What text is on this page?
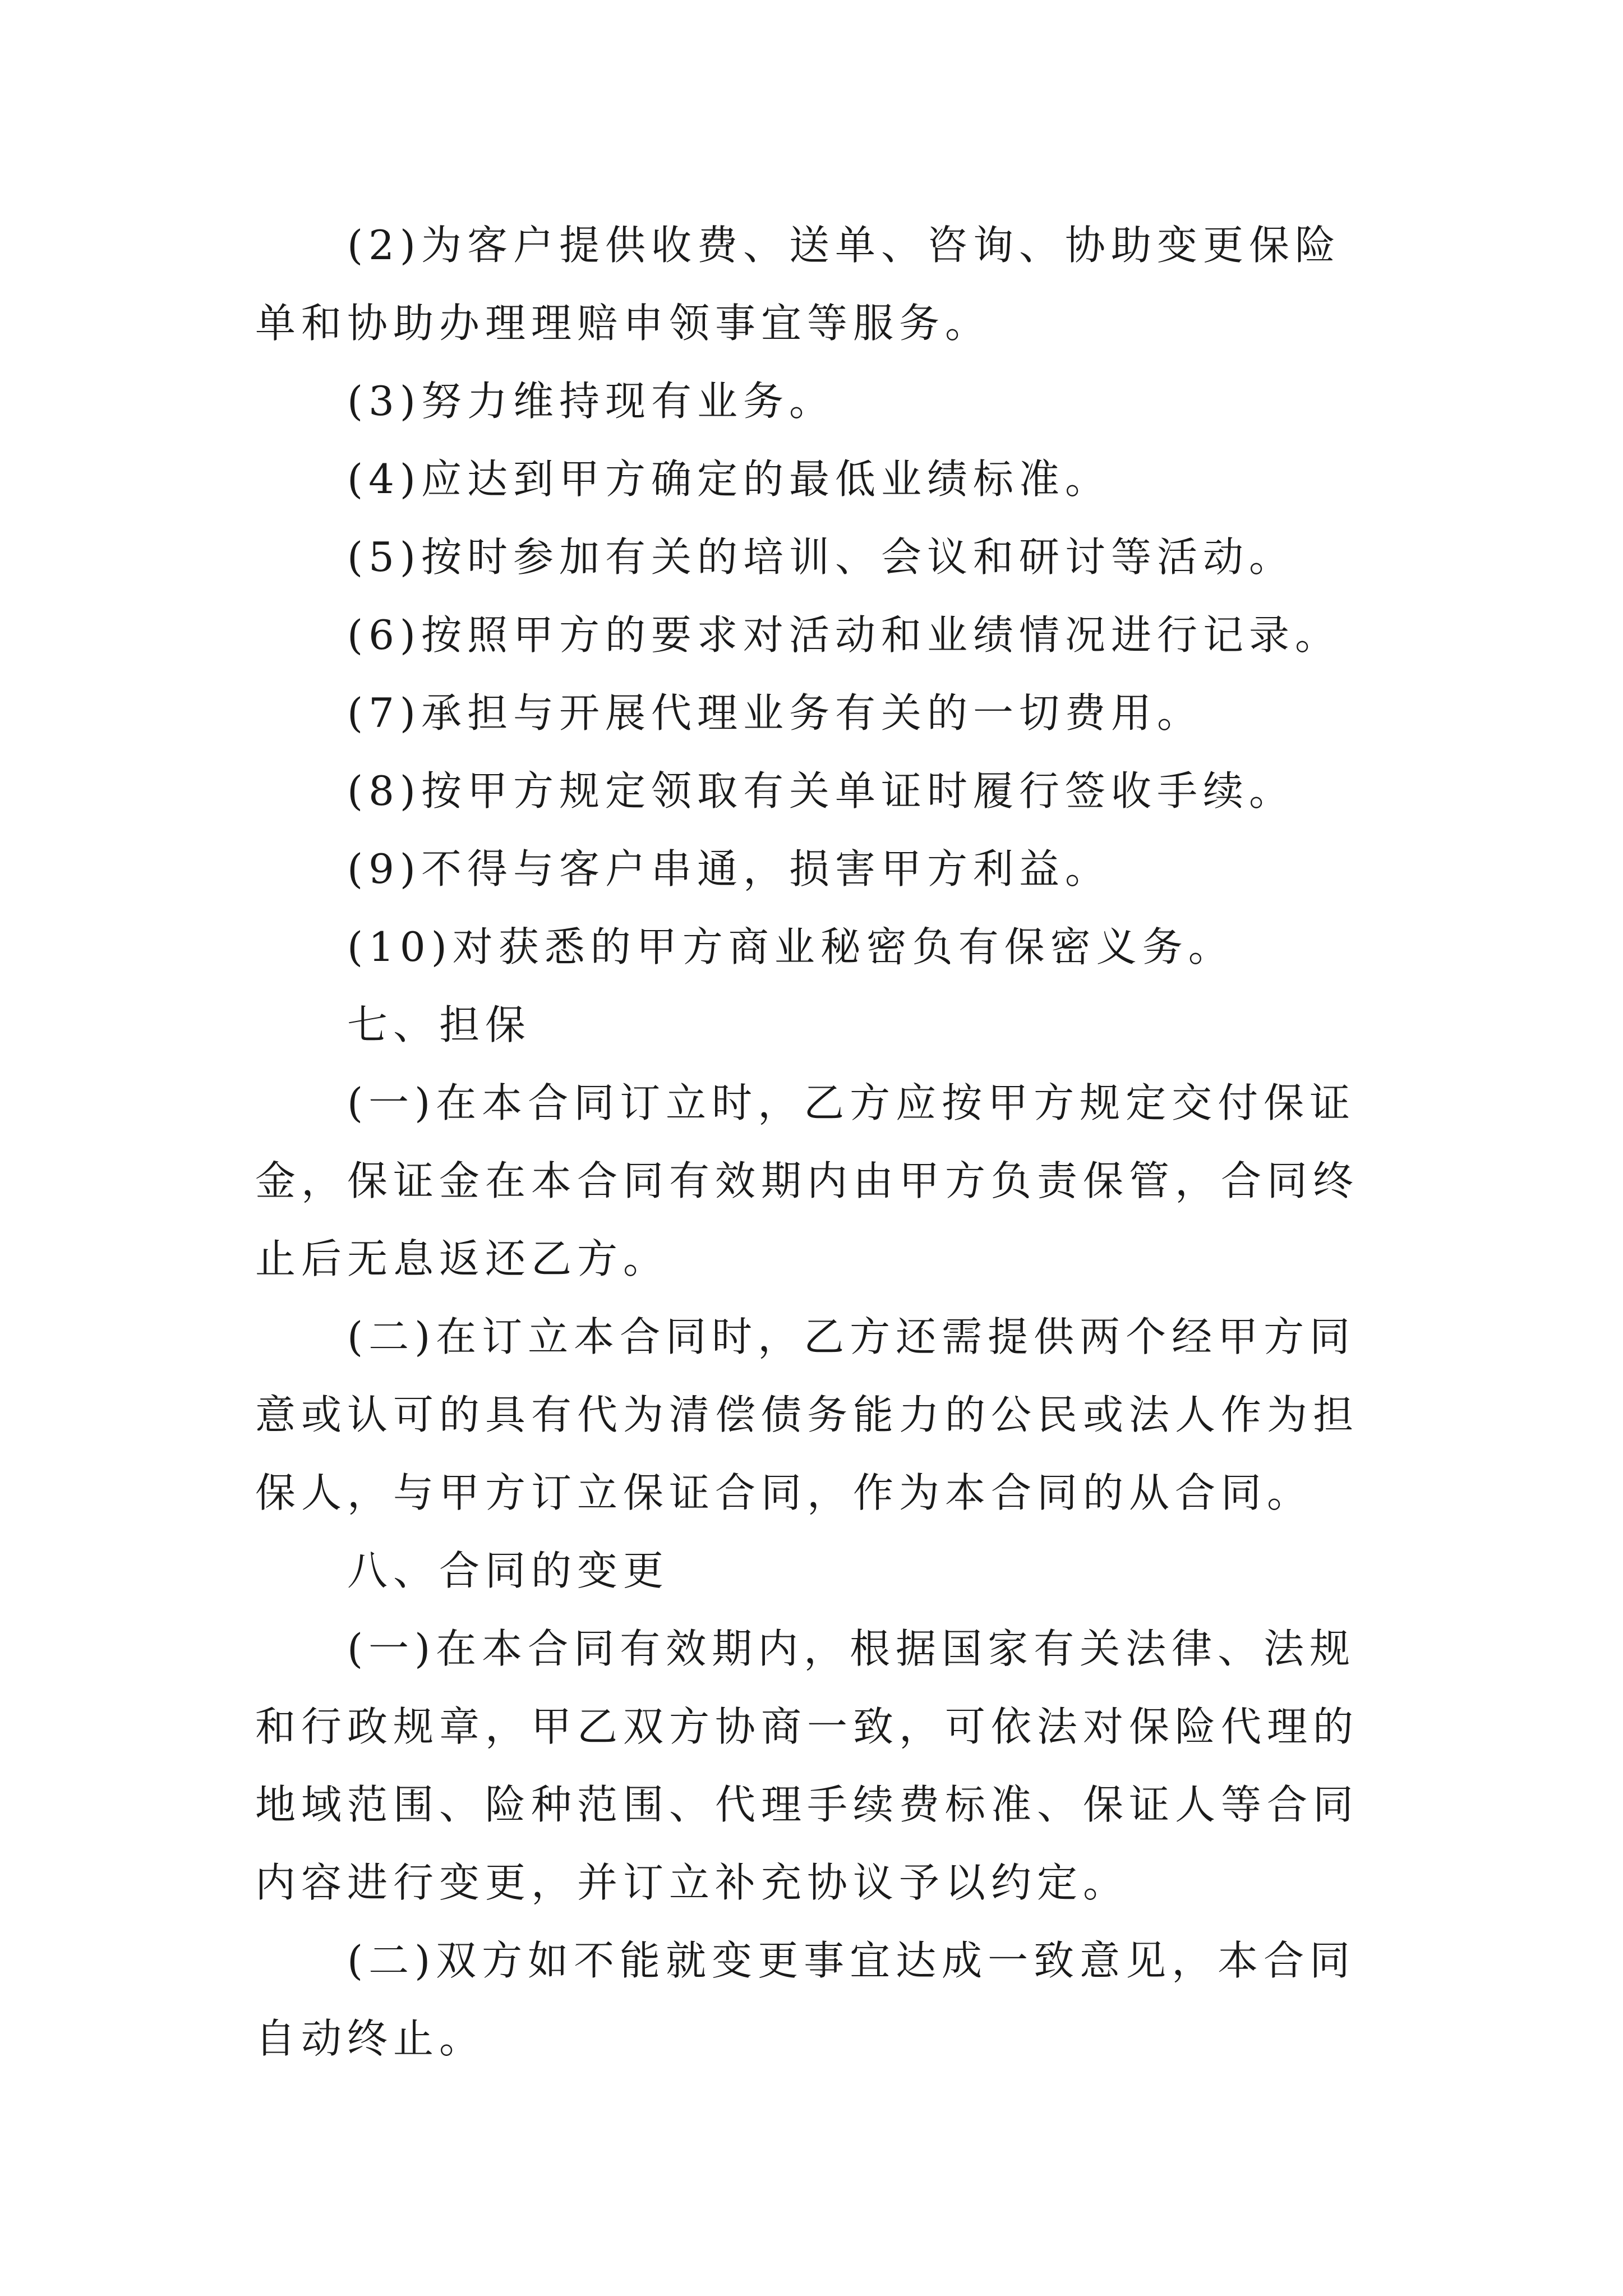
(2)为客户提供收费、送单、咨询、协助变更保险单和协助办理理赔申领事宜等服务。

(3)努力维持现有业务。

(4)应达到甲方确定的最低业绩标准。

(5)按时参加有关的培训、会议和研讨等活动。

(6)按照甲方的要求对活动和业绩情况进行记录。

(7)承担与开展代理业务有关的一切费用。

(8)按甲方规定领取有关单证时履行签收手续。

(9)不得与客户串通，损害甲方利益。

(10)对获悉的甲方商业秘密负有保密义务。

七、担保

(一)在本合同订立时，乙方应按甲方规定交付保证金，保证金在本合同有效期内由甲方负责保管，合同终止后无息返还乙方。

(二)在订立本合同时，乙方还需提供两个经甲方同意或认可的具有代为清偿债务能力的公民或法人作为担保人，与甲方订立保证合同，作为本合同的从合同。

八、合同的变更

(一)在本合同有效期内，根据国家有关法律、法规和行政规章，甲乙双方协商一致，可依法对保险代理的地域范围、险种范围、代理手续费标准、保证人等合同内容进行变更，并订立补充协议予以约定。

(二)双方如不能就变更事宜达成一致意见，本合同自动终止。
